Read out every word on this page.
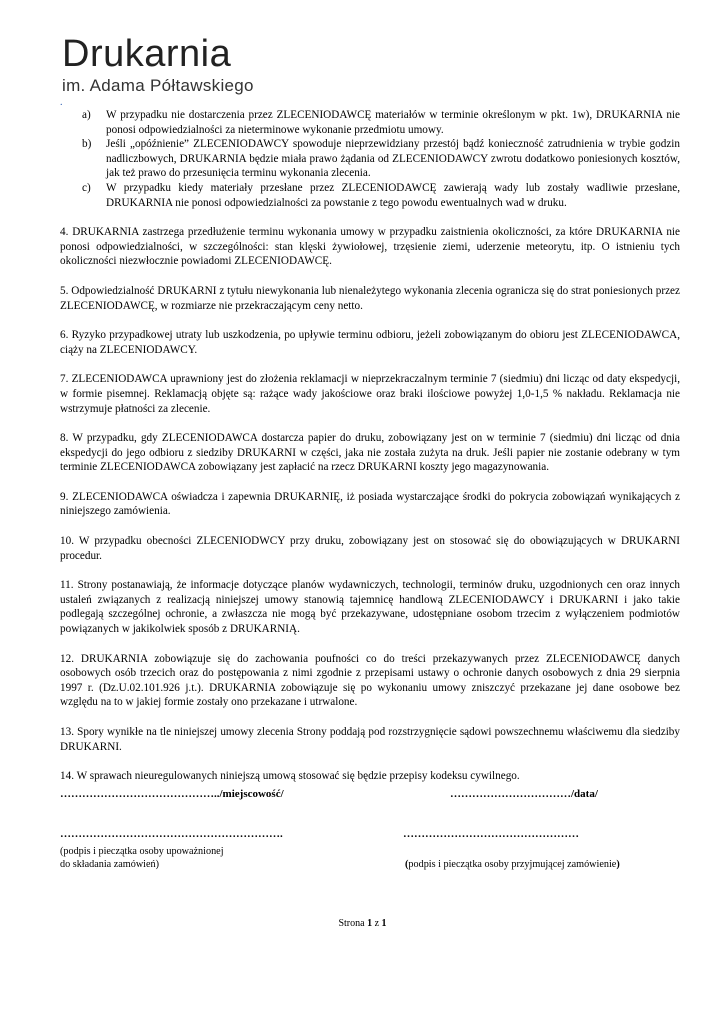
Drukarnia
im. Adama Półtawskiego
.
a)	W przypadku nie dostarczenia przez ZLECENIODAWCĘ materiałów w terminie określonym w pkt. 1w), DRUKARNIA nie ponosi odpowiedzialności za nieterminowe wykonanie przedmiotu umowy.
b)	Jeśli „opóźnienie” ZLECENIODAWCY spowoduje nieprzewidziany przestój bądź konieczność zatrudnienia w trybie godzin nadliczbowych, DRUKARNIA będzie miała prawo żądania od ZLECENIODAWCY zwrotu dodatkowo poniesionych kosztów, jak też prawo do przesunięcia terminu wykonania zlecenia.
c)	W przypadku kiedy materiały przesłane przez ZLECENIODAWCĘ zawierają wady lub zostały wadliwie przesłane, DRUKARNIA nie ponosi odpowiedzialności za powstanie z tego powodu ewentualnych wad w druku.

4. DRUKARNIA zastrzega przedłużenie terminu wykonania umowy w przypadku zaistnienia okoliczności, za które DRUKARNIA nie ponosi odpowiedzialności, w szczególności: stan klęski żywiołowej, trzęsienie ziemi, uderzenie meteorytu, itp. O istnieniu tych okoliczności niezwłocznie powiadomi ZLECENIODAWCĘ.

5. Odpowiedzialność DRUKARNI z tytułu niewykonania lub nienależytego wykonania zlecenia ogranicza się do strat poniesionych przez ZLECENIODAWCĘ, w rozmiarze nie przekraczającym ceny netto.

6. Ryzyko przypadkowej utraty lub uszkodzenia, po upływie terminu odbioru, jeżeli zobowiązanym do obioru jest ZLECENIODAWCA, ciąży na ZLECENIODAWCY.

7. ZLECENIODAWCA uprawniony jest do złożenia reklamacji w nieprzekraczalnym terminie 7 (siedmiu) dni licząc od daty ekspedycji, w formie pisemnej. Reklamacją objęte są: rażące wady jakościowe oraz braki ilościowe powyżej 1,0-1,5 % nakładu. Reklamacja nie wstrzymuje płatności za zlecenie.

8. W przypadku, gdy ZLECENIODAWCA dostarcza papier do druku, zobowiązany jest on w terminie 7 (siedmiu) dni licząc od dnia ekspedycji do jego odbioru z siedziby DRUKARNI w części, jaka nie została zużyta na druk. Jeśli papier nie zostanie odebrany w tym terminie ZLECENIODAWCA zobowiązany jest zapłacić na rzecz DRUKARNI koszty jego magazynowania.

9. ZLECENIODAWCA oświadcza i zapewnia DRUKARNIĘ, iż posiada wystarczające środki do pokrycia zobowiązań wynikających z niniejszego zamówienia.

10. W przypadku obecności ZLECENIODWCY przy druku, zobowiązany jest on stosować się do obowiązujących w DRUKARNI procedur.

11. Strony postanawiają, że informacje dotyczące planów wydawniczych, technologii, terminów druku, uzgodnionych cen oraz innych ustaleń związanych z realizacją niniejszej umowy stanowią tajemnicę handlową ZLECENIODAWCY i DRUKARNI i jako takie podlegają szczególnej ochronie, a zwłaszcza nie mogą być przekazywane, udostępniane osobom trzecim z wyłączeniem podmiotów powiązanych w jakikolwiek sposób z DRUKARNIĄ.

12. DRUKARNIA zobowiązuje się do zachowania poufności co do treści przekazywanych przez ZLECENIODAWCĘ danych osobowych osób trzecich oraz do postępowania z nimi zgodnie z przepisami ustawy o ochronie danych osobowych z dnia 29 sierpnia 1997 r. (Dz.U.02.101.926 j.t.). DRUKARNIA zobowiązuje się po wykonaniu umowy zniszczyć przekazane jej dane osobowe bez względu na to w jakiej formie zostały ono przekazane i utrwalone.

13. Spory wynikłe na tle niniejszej umowy zlecenia Strony poddają pod rozstrzygnięcie sądowi powszechnemu właściwemu dla siedziby DRUKARNI.

14. W sprawach nieuregulowanych niniejszą umową stosować się będzie przepisy kodeksu cywilnego.

……………………………………../miejscowość/	……………………………/data/
…………………………………………………….	…………………………………………
(podpis i pieczątka osoby upoważnionej
do składania zamówień)	(podpis i pieczątka osoby przyjmującej zamówienie)
Strona 1 z 1
